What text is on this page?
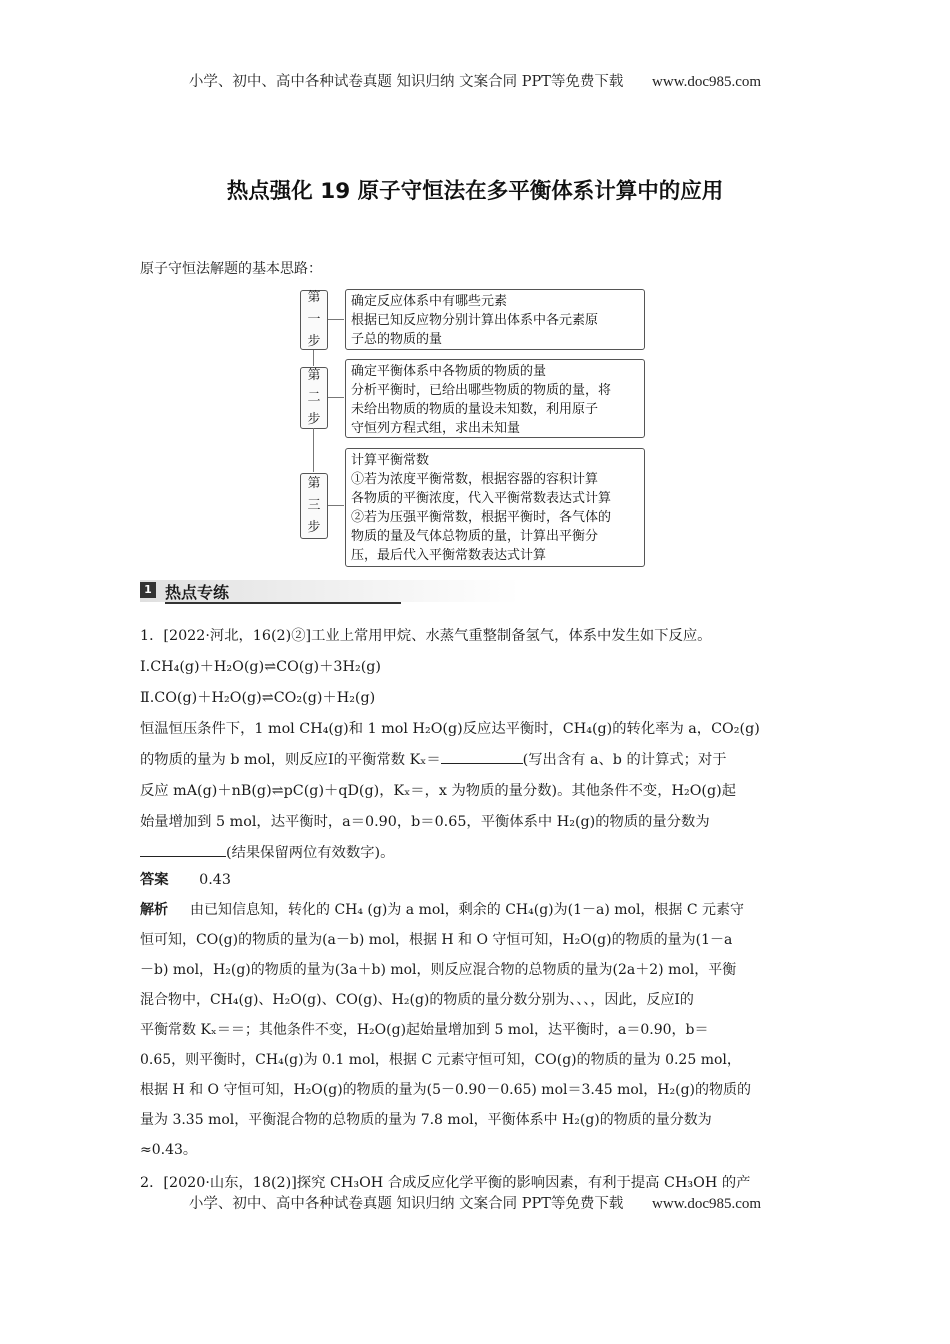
小学、初中、高中各种试卷真题 知识归纳 文案合同 PPT等免费下载 www.doc985.com
热点强化 19 原子守恒法在多平衡体系计算中的应用
原子守恒法解题的基本思路：
第
一
步
确定反应体系中有哪些元素
根据已知反应物分别计算出体系中各元素原
子总的物质的量
第
二
步
确定平衡体系中各物质的物质的量
分析平衡时，已给出哪些物质的物质的量，将
未给出物质的物质的量设未知数，利用原子
守恒列方程式组，求出未知量
第
三
步
计算平衡常数
①若为浓度平衡常数，根据容器的容积计算
各物质的平衡浓度，代入平衡常数表达式计算
②若为压强平衡常数，根据平衡时，各气体的
物质的量及气体总物质的量，计算出平衡分
压，最后代入平衡常数表达式计算
1 热点专练
1．[2022·河北，16(2)②]工业上常用甲烷、水蒸气重整制备氢气，体系中发生如下反应。
Ⅰ.CH₄(g)＋H₂O(g)⇌CO(g)＋3H₂(g)
Ⅱ.CO(g)＋H₂O(g)⇌CO₂(g)＋H₂(g)
恒温恒压条件下，1 mol CH₄(g)和 1 mol H₂O(g)反应达平衡时，CH₄(g)的转化率为 a，CO₂(g)
的物质的量为 b mol，则反应Ⅰ的平衡常数 Kₓ＝	(写出含有 a、b 的计算式；对于
反应 mA(g)＋nB(g)⇌pC(g)＋qD(g)，Kₓ＝，x 为物质的量分数)。其他条件不变，H₂O(g)起
始量增加到 5 mol，达平衡时，a＝0.90，b＝0.65，平衡体系中 H₂(g)的物质的量分数为
(结果保留两位有效数字)。
答案 0.43
解析 由已知信息知，转化的 CH₄ (g)为 a mol，剩余的 CH₄(g)为(1－a) mol，根据 C 元素守
恒可知，CO(g)的物质的量为(a－b) mol，根据 H 和 O 守恒可知，H₂O(g)的物质的量为(1－a
－b) mol，H₂(g)的物质的量为(3a＋b) mol，则反应混合物的总物质的量为(2a＋2) mol，平衡
混合物中，CH₄(g)、H₂O(g)、CO(g)、H₂(g)的物质的量分数分别为、、、，因此，反应Ⅰ的
平衡常数 Kₓ＝＝；其他条件不变，H₂O(g)起始量增加到 5 mol，达平衡时，a＝0.90，b＝
0.65，则平衡时，CH₄(g)为 0.1 mol，根据 C 元素守恒可知，CO(g)的物质的量为 0.25 mol，
根据 H 和 O 守恒可知，H₂O(g)的物质的量为(5－0.90－0.65) mol＝3.45 mol，H₂(g)的物质的
量为 3.35 mol，平衡混合物的总物质的量为 7.8 mol，平衡体系中 H₂(g)的物质的量分数为
≈0.43。
2．[2020·山东，18(2)]探究 CH₃OH 合成反应化学平衡的影响因素，有利于提高 CH₃OH 的产
小学、初中、高中各种试卷真题 知识归纳 文案合同 PPT等免费下载 www.doc985.com
